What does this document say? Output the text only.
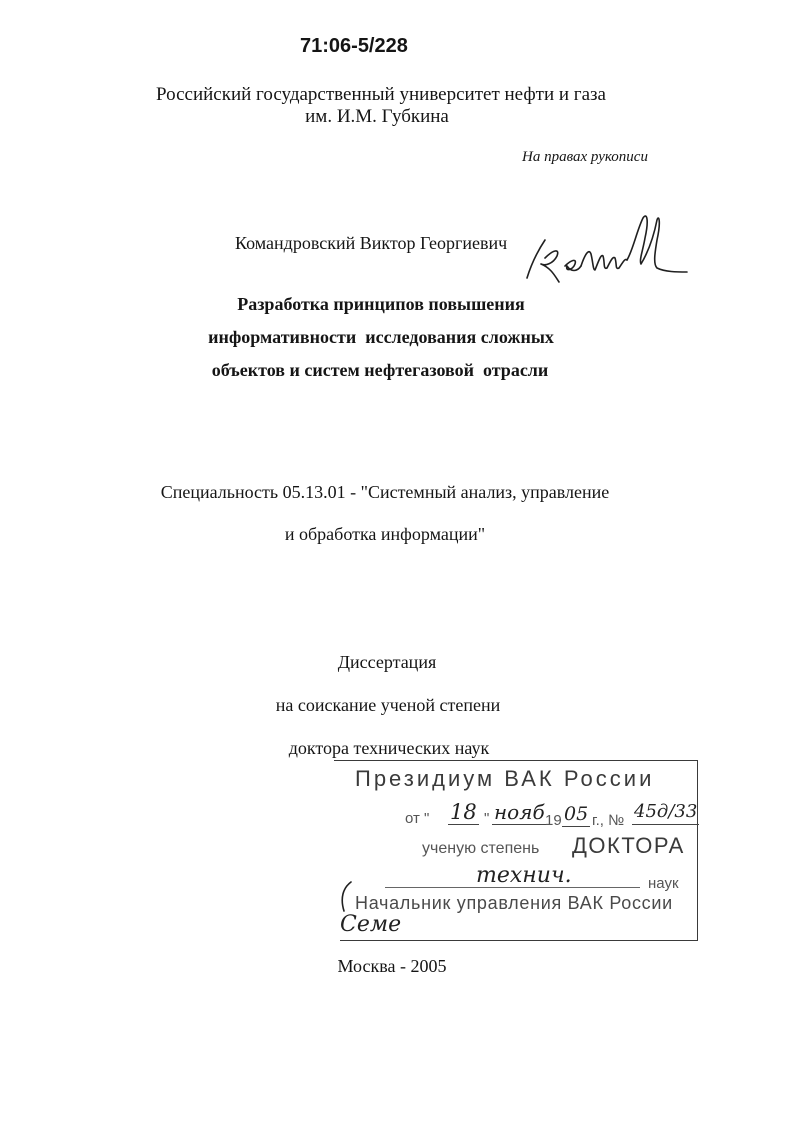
71:06-5/228
Российский государственный университет нефти и газа
им. И.М. Губкина
На правах рукописи
Командровский Виктор Георгиевич
Разработка принципов повышения
информативности  исследования сложных
объектов и систем нефтегазовой  отрасли
Специальность 05.13.01 - "Системный анализ, управление
и обработка информации"
Диссертация
на соискание ученой степени
доктора технических наук
Президиум ВАК России
от " 18 " нояб 19 05 г., № 45д/33
ученую степень ДОКТОРА
технич.	наук
Начальник управления ВАК России
Семе
Москва - 2005
